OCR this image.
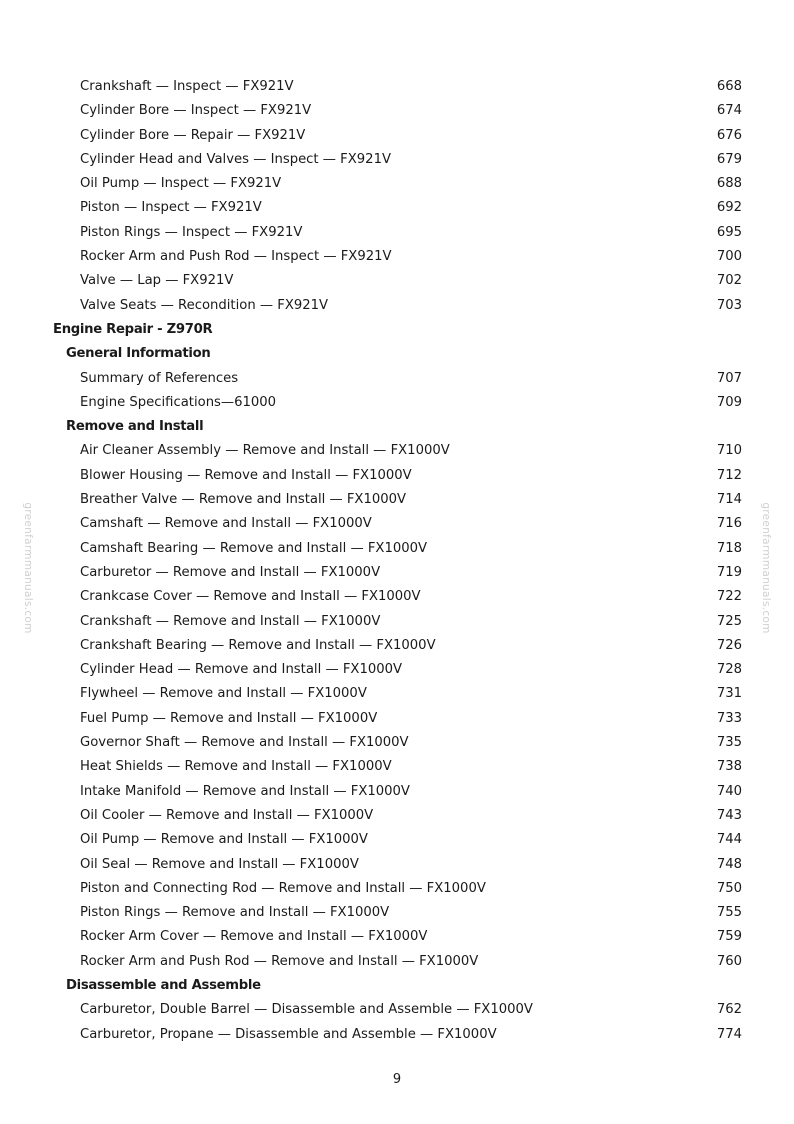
greenfarmmanuals.com	greenfarmmanuals.com
Crankshaft — Inspect — FX921V	668
Cylinder Bore — Inspect — FX921V	674
Cylinder Bore — Repair — FX921V	676
Cylinder Head and Valves — Inspect — FX921V	679
Oil Pump — Inspect — FX921V	688
Piston — Inspect — FX921V	692
Piston Rings — Inspect — FX921V	695
Rocker Arm and Push Rod — Inspect — FX921V	700
Valve — Lap — FX921V	702
Valve Seats — Recondition — FX921V	703
Engine Repair - Z970R
General Information
Summary of References	707
Engine Specifications—61000	709
Remove and Install
Air Cleaner Assembly — Remove and Install — FX1000V	710
Blower Housing — Remove and Install — FX1000V	712
Breather Valve — Remove and Install — FX1000V	714
Camshaft — Remove and Install — FX1000V	716
Camshaft Bearing — Remove and Install — FX1000V	718
Carburetor — Remove and Install — FX1000V	719
Crankcase Cover — Remove and Install — FX1000V	722
Crankshaft — Remove and Install — FX1000V	725
Crankshaft Bearing — Remove and Install — FX1000V	726
Cylinder Head — Remove and Install — FX1000V	728
Flywheel — Remove and Install — FX1000V	731
Fuel Pump — Remove and Install — FX1000V	733
Governor Shaft — Remove and Install — FX1000V	735
Heat Shields — Remove and Install — FX1000V	738
Intake Manifold — Remove and Install — FX1000V	740
Oil Cooler — Remove and Install — FX1000V	743
Oil Pump — Remove and Install — FX1000V	744
Oil Seal — Remove and Install — FX1000V	748
Piston and Connecting Rod — Remove and Install — FX1000V	750
Piston Rings — Remove and Install — FX1000V	755
Rocker Arm Cover — Remove and Install — FX1000V	759
Rocker Arm and Push Rod — Remove and Install — FX1000V	760
Disassemble and Assemble
Carburetor, Double Barrel — Disassemble and Assemble — FX1000V	762
Carburetor, Propane — Disassemble and Assemble — FX1000V	774
9
